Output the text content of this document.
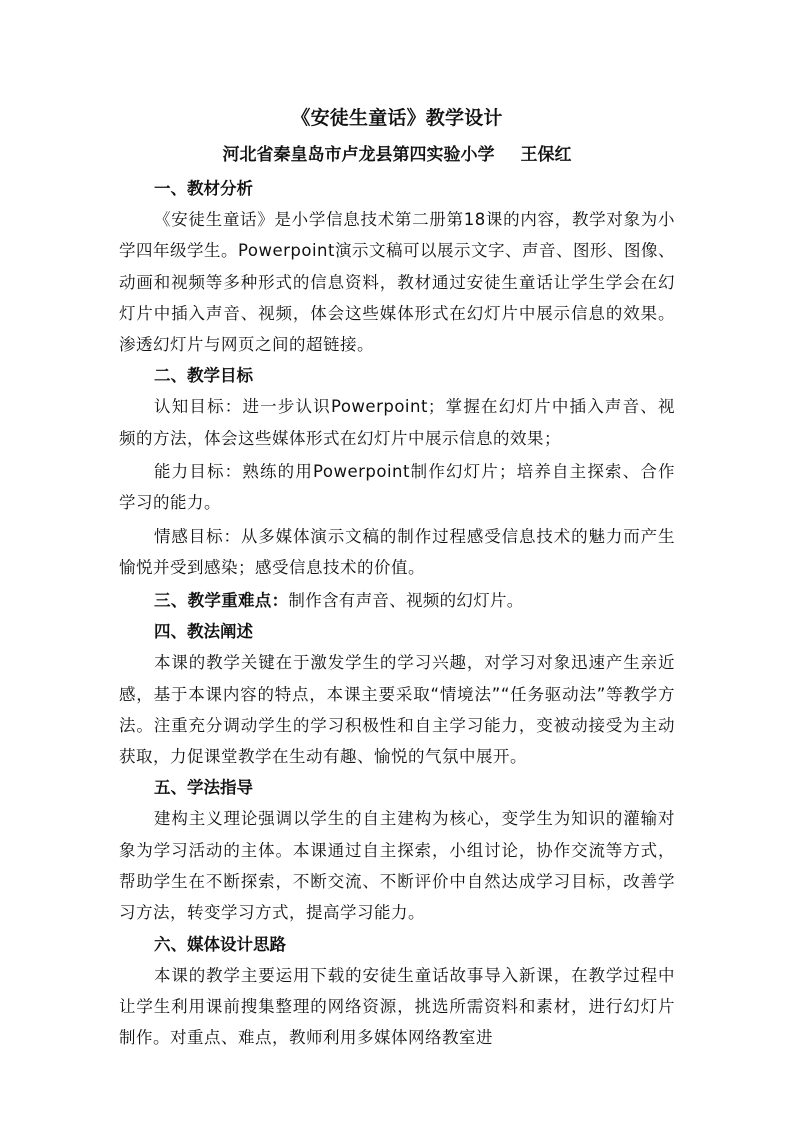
《安徒生童话》教学设计

河北省秦皇岛市卢龙县第四实验小学 王保红

一、教材分析

《安徒生童话》是小学信息技术第二册第18课的内容，教学对象为小学四年级学生。Powerpoint演示文稿可以展示文字、声音、图形、图像、动画和视频等多种形式的信息资料，教材通过安徒生童话让学生学会在幻灯片中插入声音、视频，体会这些媒体形式在幻灯片中展示信息的效果。渗透幻灯片与网页之间的超链接。

二、教学目标

认知目标：进一步认识Powerpoint；掌握在幻灯片中插入声音、视频的方法，体会这些媒体形式在幻灯片中展示信息的效果；

能力目标：熟练的用Powerpoint制作幻灯片；培养自主探索、合作学习的能力。

情感目标：从多媒体演示文稿的制作过程感受信息技术的魅力而产生愉悦并受到感染；感受信息技术的价值。

三、教学重难点：制作含有声音、视频的幻灯片。

四、教法阐述

本课的教学关键在于激发学生的学习兴趣，对学习对象迅速产生亲近感，基于本课内容的特点，本课主要采取“情境法”“任务驱动法”等教学方法。注重充分调动学生的学习积极性和自主学习能力，变被动接受为主动获取，力促课堂教学在生动有趣、愉悦的气氛中展开。

五、学法指导

建构主义理论强调以学生的自主建构为核心，变学生为知识的灌输对象为学习活动的主体。本课通过自主探索，小组讨论，协作交流等方式，帮助学生在不断探索，不断交流、不断评价中自然达成学习目标，改善学习方法，转变学习方式，提高学习能力。

六、媒体设计思路

本课的教学主要运用下载的安徒生童话故事导入新课，在教学过程中让学生利用课前搜集整理的网络资源，挑选所需资料和素材，进行幻灯片制作。对重点、难点，教师利用多媒体网络教室进
